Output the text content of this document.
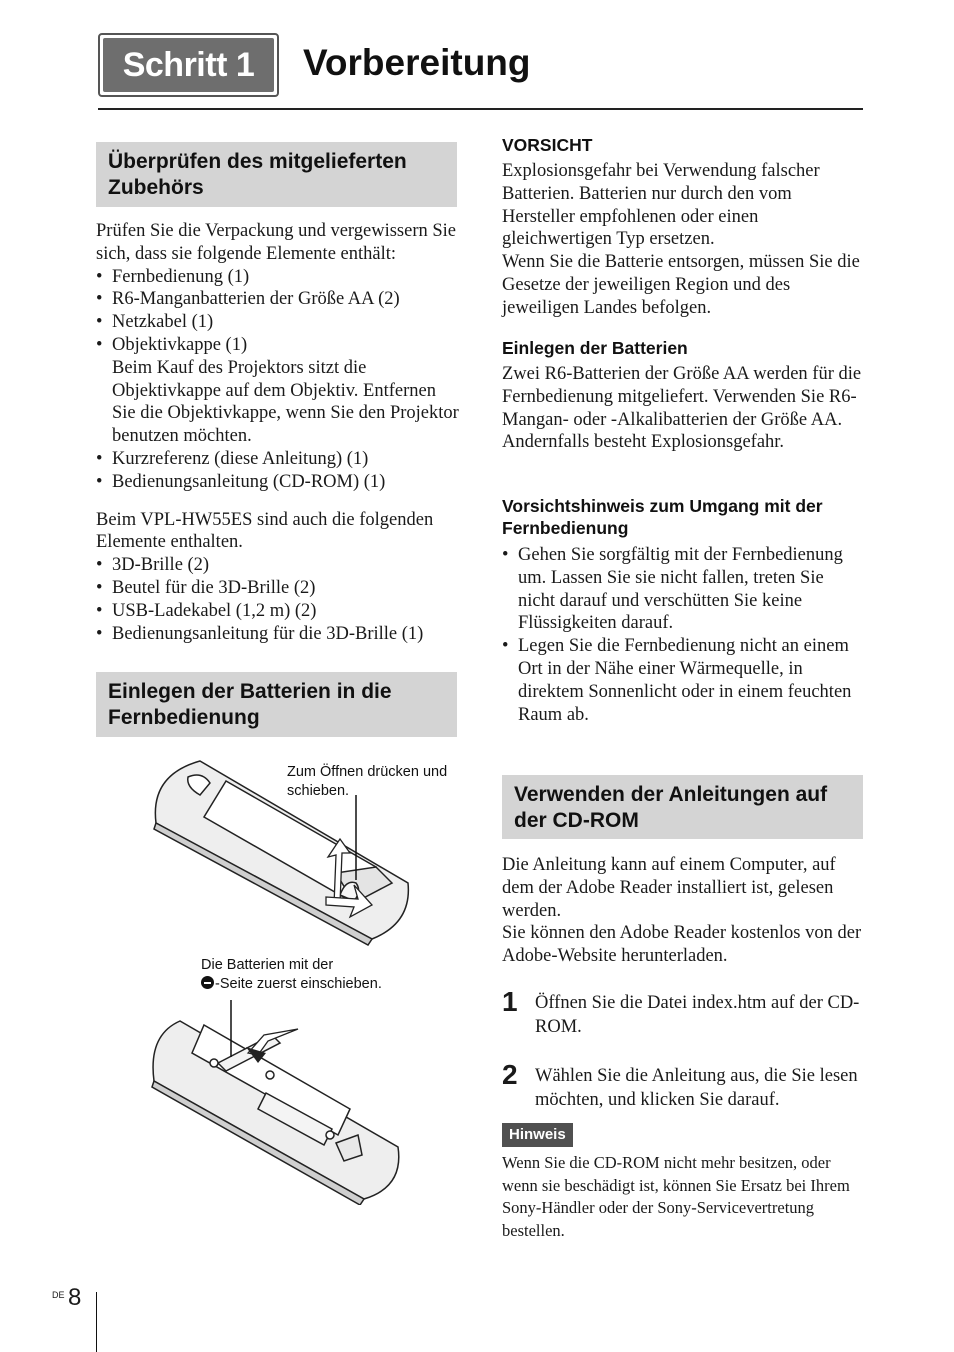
Schritt 1	Vorbereitung
Überprüfen des mitgelieferten Zubehörs

Prüfen Sie die Verpackung und vergewissern Sie sich, dass sie folgende Elemente enthält:

• Fernbedienung (1)
• R6-Manganbatterien der Größe AA (2)
• Netzkabel (1)
• Objektivkappe (1)
Beim Kauf des Projektors sitzt die Objektivkappe auf dem Objektiv. Entfernen Sie die Objektivkappe, wenn Sie den Projektor benutzen möchten.
• Kurzreferenz (diese Anleitung) (1)
• Bedienungsanleitung (CD-ROM) (1)

Beim VPL-HW55ES sind auch die folgenden Elemente enthalten.

• 3D-Brille (2)
• Beutel für die 3D-Brille (2)
• USB-Ladekabel (1,2 m) (2)
• Bedienungsanleitung für die 3D-Brille (1)
Einlegen der Batterien in die Fernbedienung
Zum Öffnen drücken und schieben.
Die Batterien mit der

-Seite zuerst einschieben.
VORSICHT

Explosionsgefahr bei Verwendung falscher Batterien. Batterien nur durch den vom Hersteller empfohlenen oder einen gleichwertigen Typ ersetzen.

Wenn Sie die Batterie entsorgen, müssen Sie die Gesetze der jeweiligen Region und des jeweiligen Landes befolgen.

Einlegen der Batterien

Zwei R6-Batterien der Größe AA werden für die Fernbedienung mitgeliefert. Verwenden Sie R6-Mangan- oder -Alkalibatterien der Größe AA. Andernfalls besteht Explosionsgefahr.

Vorsichtshinweis zum Umgang mit der Fernbedienung
• Gehen Sie sorgfältig mit der Fernbedienung um. Lassen Sie sie nicht fallen, treten Sie nicht darauf und verschütten Sie keine Flüssigkeiten darauf.
• Legen Sie die Fernbedienung nicht an einem Ort in der Nähe einer Wärmequelle, in direktem Sonnenlicht oder in einem feuchten Raum ab.
Verwenden der Anleitungen auf der CD-ROM

Die Anleitung kann auf einem Computer, auf dem der Adobe Reader installiert ist, gelesen werden.

Sie können den Adobe Reader kostenlos von der Adobe-Website herunterladen.

1 Öffnen Sie die Datei index.htm auf der CD-ROM.
2 Wählen Sie die Anleitung aus, die Sie lesen möchten, und klicken Sie darauf.
Hinweis

Wenn Sie die CD-ROM nicht mehr besitzen, oder wenn sie beschädigt ist, können Sie Ersatz bei Ihrem Sony-Händler oder der Sony-Servicevertretung bestellen.

DE 8
